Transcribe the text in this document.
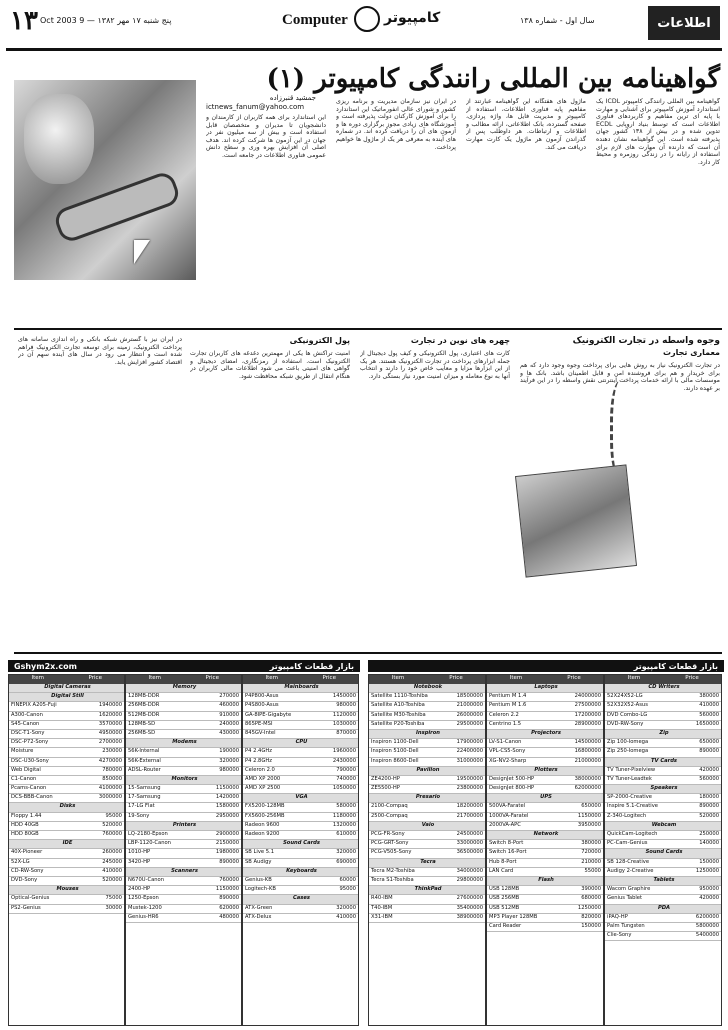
۱۳ پنج شنبه ۱۷ مهر ۱۳۸۲ — 9 Oct 2003	Computer	کامپیوتر	سال اول - شماره ۱۳۸	اطلاعات
گواهینامه بین المللی رانندگی کامپیوتر (۱)
جمشید قنبرزاده
ictnews_fanum@yahoo.com
این استاندارد برای همه کاربران از کارمندان و دانشجویان تا مدیران و متخصصان قابل استفاده است و بیش از سه میلیون نفر در جهان در این آزمون ها شرکت کرده اند. هدف اصلی آن افزایش بهره وری و سطح دانش عمومی فناوری اطلاعات در جامعه است.
در ایران نیز سازمان مدیریت و برنامه ریزی کشور و شورای عالی انفورماتیک این استاندارد را برای آموزش کارکنان دولت پذیرفته است و آموزشگاه های زیادی مجوز برگزاری دوره ها و آزمون های آن را دریافت کرده اند. در شماره های آینده به معرفی هر یک از ماژول ها خواهیم پرداخت.
ماژول های هفتگانه این گواهینامه عبارتند از مفاهیم پایه فناوری اطلاعات، استفاده از کامپیوتر و مدیریت فایل ها، واژه پردازی، صفحه گسترده، بانک اطلاعاتی، ارائه مطالب و اطلاعات و ارتباطات. هر داوطلب پس از گذراندن آزمون هر ماژول یک کارت مهارت دریافت می کند.
گواهینامه بین المللی رانندگی کامپیوتر ICDL یک استاندارد آموزش کامپیوتر برای آشنایی و مهارت با پایه ای ترین مفاهیم و کاربردهای فناوری اطلاعات است که توسط بنیاد اروپایی ECDL تدوین شده و در بیش از ۱۳۸ کشور جهان پذیرفته شده است. این گواهینامه نشان دهنده آن است که دارنده آن مهارت های لازم برای استفاده از رایانه را در زندگی روزمره و محیط کار دارد.
وجوه واسطه در تجارت الکترونیک
معماری تجارت
در تجارت الکترونیک نیاز به روش هایی برای پرداخت وجوه وجود دارد که هم برای خریدار و هم برای فروشنده امن و قابل اطمینان باشد. بانک ها و موسسات مالی با ارائه خدمات پرداخت اینترنتی نقش واسطه را در این فرآیند بر عهده دارند.
چهره های نوین در تجارت
کارت های اعتباری، پول الکترونیکی و کیف پول دیجیتال از جمله ابزارهای پرداخت در تجارت الکترونیک هستند. هر یک از این ابزارها مزایا و معایب خاص خود را دارند و انتخاب آنها به نوع معامله و میزان امنیت مورد نیاز بستگی دارد.
پول الکترونیکی
امنیت تراکنش ها یکی از مهمترین دغدغه های کاربران تجارت الکترونیک است. استفاده از رمزنگاری، امضای دیجیتال و گواهی های امنیتی باعث می شود اطلاعات مالی کاربران در هنگام انتقال از طریق شبکه محافظت شود.
در ایران نیز با گسترش شبکه بانکی و راه اندازی سامانه های پرداخت الکترونیک، زمینه برای توسعه تجارت الکترونیک فراهم شده است و انتظار می رود در سال های آینده سهم آن در اقتصاد کشور افزایش یابد.
Gshym2x.com	بازار قطعات کامپیوتر	بازار قطعات کامپیوتر
Item	Price
Digital Cameras
Digital Still
FINEPIX A205-Fuji	1940000
A300-Canon	1620000
S45-Canon	3570000
DSC-T1-Sony	4950000
DSC-P72-Sony	2700000
Moisture	230000
DSC-U30-Sony	4270000
Web Digital	780000
C1-Canon	850000
Pcams-Canon	4100000
DCS-BBB-Canon	3000000
Disks
Floppy 1.44	95000
HDD 40GB	520000
HDD 80GB	760000
IDE
40X-Pioneer	260000
52X-LG	245000
CD-RW-Sony	410000
DVD-Sony	520000
Mouses
Optical-Genius	75000
PS2-Genius	30000
Item	Price
Memory
128MB-DDR	270000
256MB-DDR	460000
512MB-DDR	910000
128MB-SD	240000
256MB-SD	430000
Modems
56K-Internal	190000
56K-External	320000
ADSL-Router	980000
Monitors
15-Samsung	1150000
17-Samsung	1420000
17-LG Flat	1580000
19-Sony	2950000
Printers
LQ-2180-Epson	2900000
LBP-1120-Canon	2150000
1010-HP	1980000
3420-HP	890000
Scanners
N670U-Canon	760000
2400-HP	1150000
1250-Epson	890000
Mustek-1200	620000
Genius-HR6	480000
Item	Price
Mainboards
P4P800-Asus	1450000
P4S800-Asus	980000
GA-8IPE-Gigabyte	1120000
865PE-MSI	1030000
845GV-Intel	870000
CPU
P4 2.4GHz	1960000
P4 2.8GHz	2430000
Celeron 2.0	790000
AMD XP 2000	740000
AMD XP 2500	1050000
VGA
FX5200-128MB	580000
FX5600-256MB	1180000
Radeon 9600	1320000
Radeon 9200	610000
Sound Cards
SB Live 5.1	320000
SB Audigy	690000
Keyboards
Genius-KB	60000
Logitech-KB	95000
Cases
ATX-Green	320000
ATX-Delux	410000
Item	Price
Notebook
Satellite 1110-Toshiba	18500000
Satellite A10-Toshiba	21000000
Satellite M30-Toshiba	26000000
Satellite P20-Toshiba	29500000
Inspiron
Inspiron 1100-Dell	17900000
Inspiron 5100-Dell	22400000
Inspiron 8600-Dell	31000000
Pavilion
ZE4200-HP	19500000
ZE5500-HP	23800000
Presario
2100-Compaq	18200000
2500-Compaq	21700000
Vaio
PCG-FR-Sony	24500000
PCG-GRT-Sony	33000000
PCG-V505-Sony	36500000
Tecra
Tecra M2-Toshiba	34000000
Tecra S1-Toshiba	29800000
ThinkPad
R40-IBM	27600000
T40-IBM	35400000
X31-IBM	38900000
Item	Price
Laptops
Pentium M 1.4	24000000
Pentium M 1.6	27500000
Celeron 2.2	17200000
Centrino 1.5	28900000
Projectors
LV-S1-Canon	14500000
VPL-CS5-Sony	16800000
XG-NV2-Sharp	21000000
Plotters
DesignJet 500-HP	38000000
DesignJet 800-HP	62000000
UPS
500VA-Faratel	650000
1000VA-Faratel	1150000
2000VA-APC	3950000
Network
Switch 8-Port	380000
Switch 16-Port	720000
Hub 8-Port	210000
LAN Card	55000
Flash
USB 128MB	390000
USB 256MB	680000
USB 512MB	1250000
MP3 Player 128MB	820000
Card Reader	150000
Item	Price
CD Writers
52X24X52-LG	380000
52X32X52-Asus	410000
DVD Combo-LG	560000
DVD-RW-Sony	1650000
Zip
Zip 100-Iomega	650000
Zip 250-Iomega	890000
TV Cards
TV Tuner-Pixelview	420000
TV Tuner-Leadtek	560000
Speakers
SP-2000-Creative	180000
Inspire 5.1-Creative	890000
Z-340-Logitech	520000
Webcam
QuickCam-Logitech	250000
PC-Cam-Genius	140000
Sound Cards
SB 128-Creative	150000
Audigy 2-Creative	1250000
Tablets
Wacom Graphire	950000
Genius Tablet	420000
PDA
iPAQ-HP	6200000
Palm Tungsten	5800000
Clie-Sony	5400000
